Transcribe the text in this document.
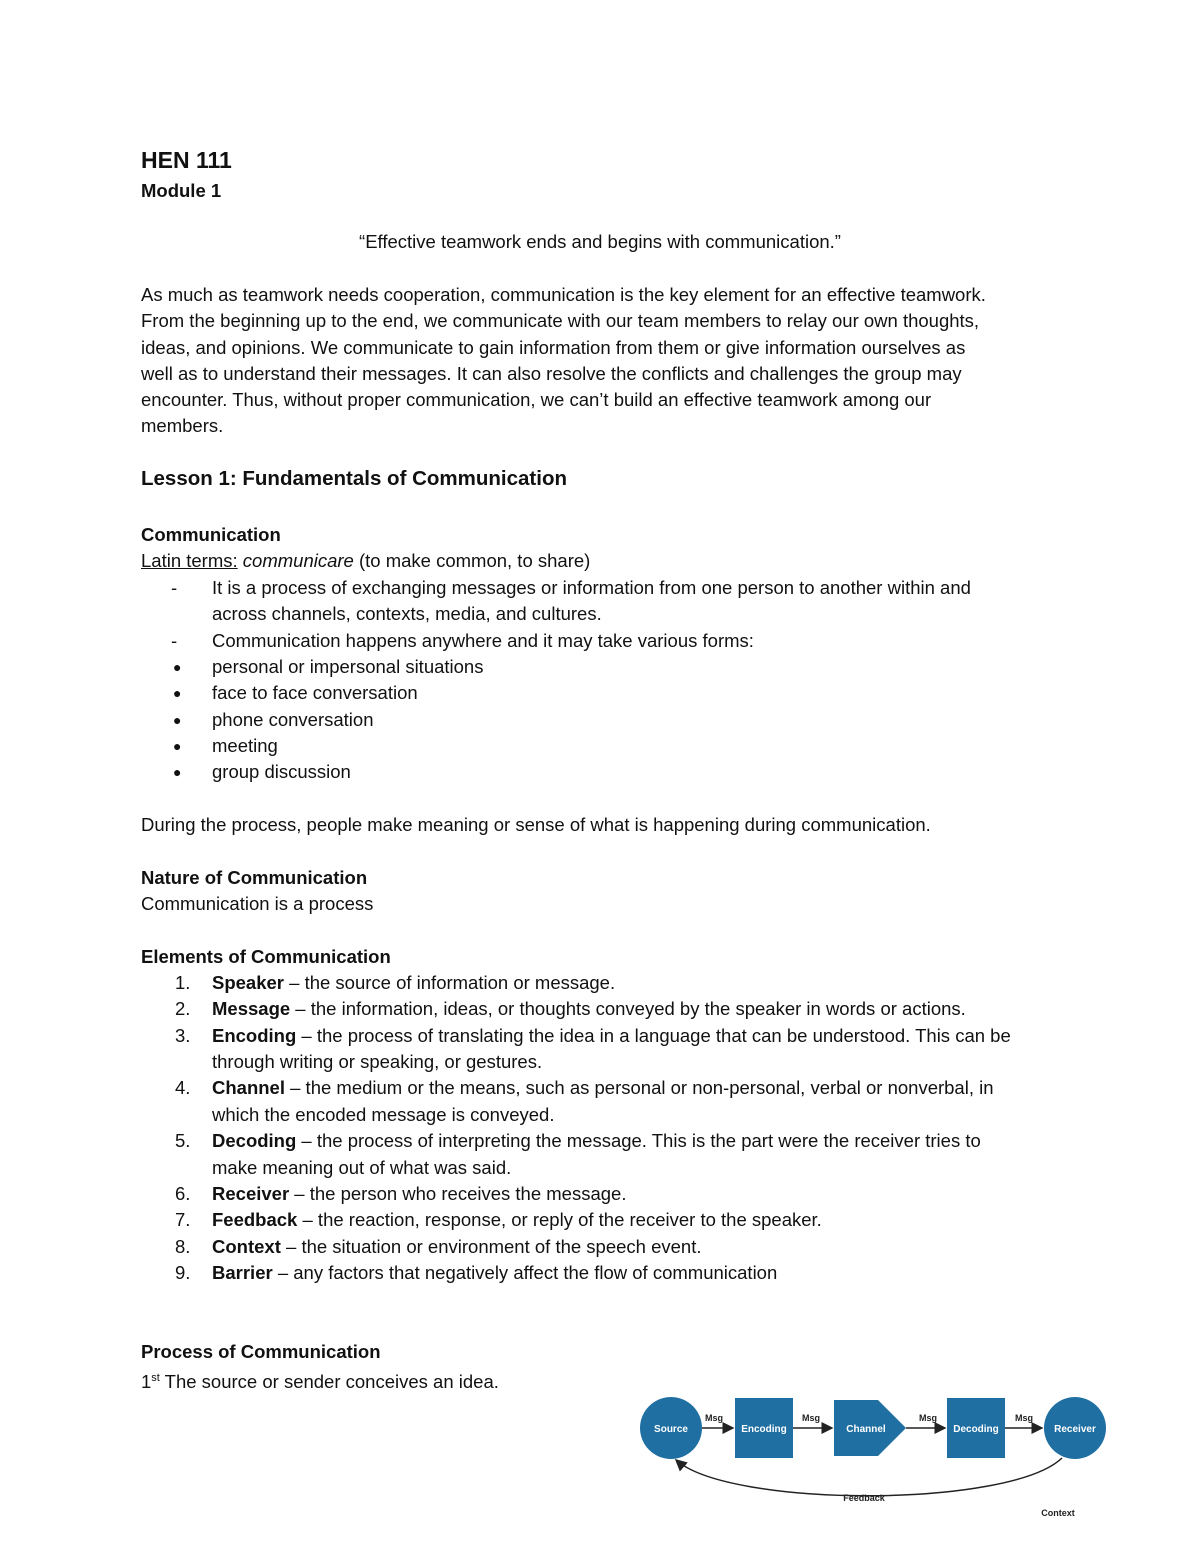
HEN 111
Module 1
“Effective teamwork ends and begins with communication.”
As much as teamwork needs cooperation, communication is the key element for an effective teamwork.
From the beginning up to the end, we communicate with our team members to relay our own thoughts,
ideas, and opinions. We communicate to gain information from them or give information ourselves as
well as to understand their messages. It can also resolve the conflicts and challenges the group may
encounter. Thus, without proper communication, we can’t build an effective teamwork among our
members.
Lesson 1: Fundamentals of Communication
Communication
Latin terms: communicare (to make common, to share)
-	It is a process of exchanging messages or information from one person to another within and
across channels, contexts, media, and cultures.
-	Communication happens anywhere and it may take various forms:
● personal or impersonal situations
● face to face conversation
● phone conversation
● meeting
● group discussion
During the process, people make meaning or sense of what is happening during communication.
Nature of Communication
Communication is a process
Elements of Communication
1.	Speaker – the source of information or message.
2.	Message – the information, ideas, or thoughts conveyed by the speaker in words or actions.
3.	Encoding – the process of translating the idea in a language that can be understood. This can be
through writing or speaking, or gestures.
4.	Channel – the medium or the means, such as personal or non-personal, verbal or nonverbal, in
which the encoded message is conveyed.
5.	Decoding – the process of interpreting the message. This is the part were the receiver tries to
make meaning out of what was said.
6.	Receiver – the person who receives the message.
7.	Feedback – the reaction, response, or reply of the receiver to the speaker.
8.	Context – the situation or environment of the speech event.
9.	Barrier – any factors that negatively affect the flow of communication
Process of Communication
1st The source or sender conceives an idea.
Source	Encoding	Channel	Decoding	Receiver
Msg	Msg	Msg	Msg
Feedback
Context
